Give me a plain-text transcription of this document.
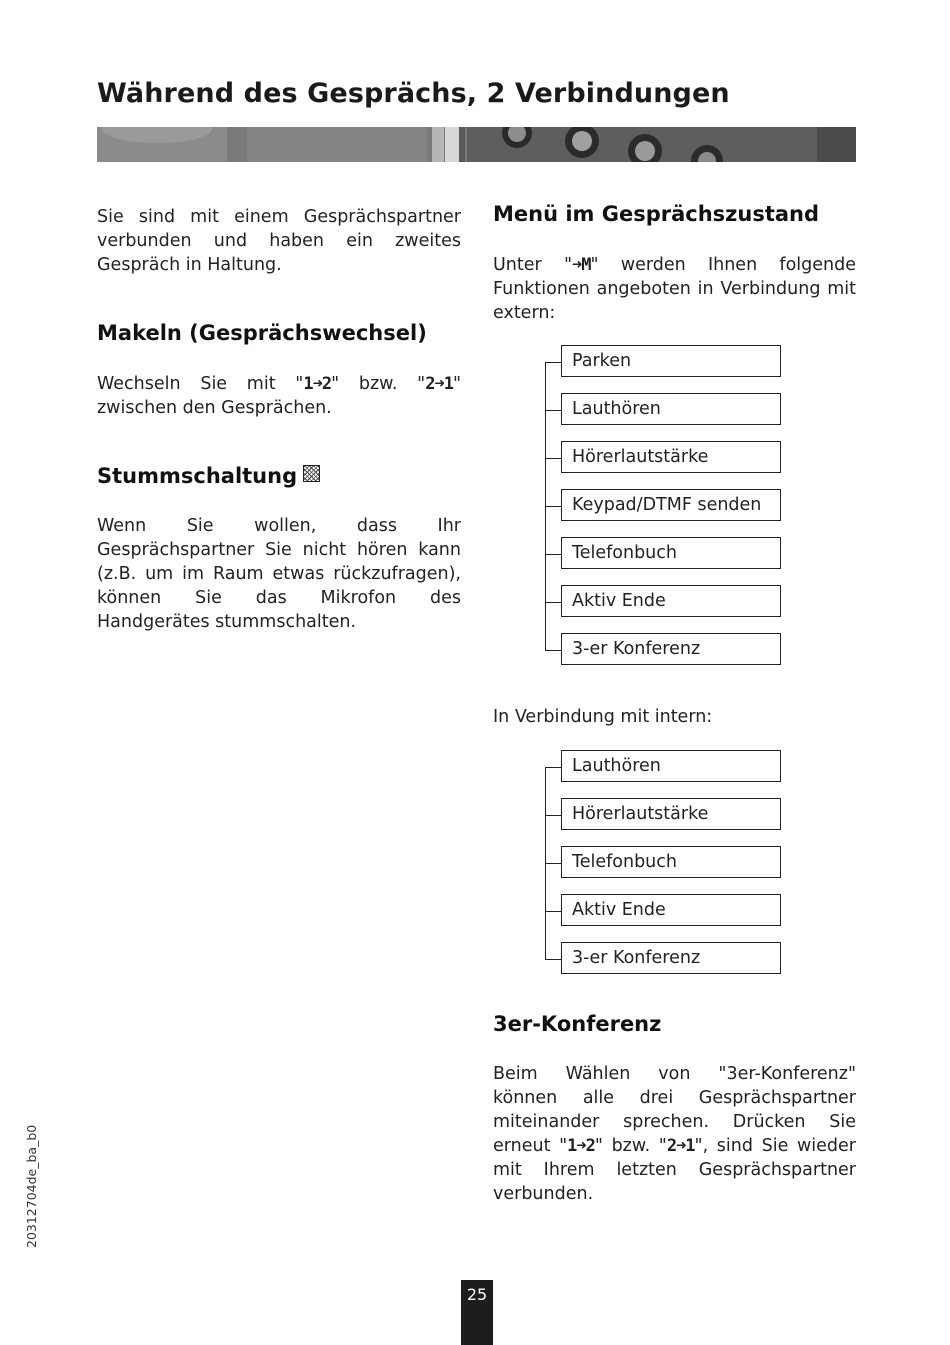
Während des Gesprächs, 2 Verbindungen

Sie sind mit einem Gesprächspartner verbunden und haben ein zweites Gespräch in Haltung.

Makeln (Gesprächswechsel)

Wechseln Sie mit "1➜2" bzw. "2➜1" zwischen den Gesprächen.

Stummschaltung

Wenn Sie wollen, dass Ihr Gesprächspartner Sie nicht hören kann (z.B. um im Raum etwas rückzufragen), können Sie das Mikrofon des Handgerätes stummschalten.

Menü im Gesprächszustand

Unter "➜M" werden Ihnen folgende Funktionen angeboten in Verbindung mit extern:

Parken
Lauthören
Hörerlautstärke
Keypad/DTMF senden
Telefonbuch
Aktiv Ende
3-er Konferenz

In Verbindung mit intern:

Lauthören
Hörerlautstärke
Telefonbuch
Aktiv Ende
3-er Konferenz
3er-Konferenz

Beim Wählen von "3er-Konferenz" können alle drei Gesprächspartner miteinander sprechen. Drücken Sie erneut "1➜2" bzw. "2➜1", sind Sie wieder mit Ihrem letzten Gesprächspartner verbunden.

2031270​4de_ba_b0
25
